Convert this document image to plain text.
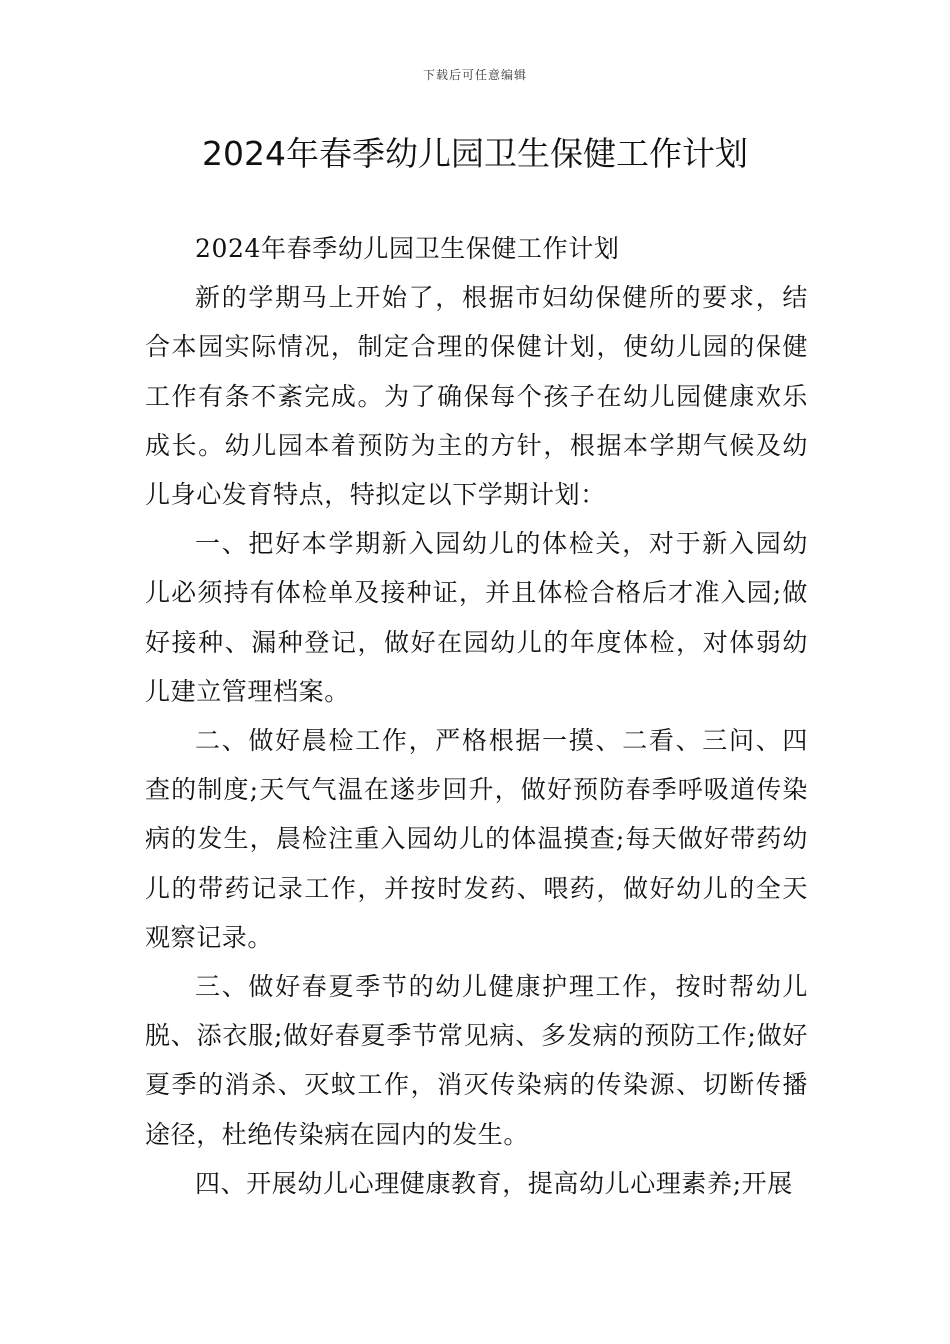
下载后可任意编辑
2024年春季幼儿园卫生保健工作计划

2024年春季幼儿园卫生保健工作计划

新的学期马上开始了，根据市妇幼保健所的要求，结合本园实际情况，制定合理的保健计划，使幼儿园的保健工作有条不紊完成。为了确保每个孩子在幼儿园健康欢乐成长。幼儿园本着预防为主的方针，根据本学期气候及幼儿身心发育特点，特拟定以下学期计划：

一、把好本学期新入园幼儿的体检关，对于新入园幼儿必须持有体检单及接种证，并且体检合格后才准入园;做好接种、漏种登记，做好在园幼儿的年度体检，对体弱幼儿建立管理档案。

二、做好晨检工作，严格根据一摸、二看、三问、四查的制度;天气气温在遂步回升，做好预防春季呼吸道传染病的发生，晨检注重入园幼儿的体温摸查;每天做好带药幼儿的带药记录工作，并按时发药、喂药，做好幼儿的全天观察记录。

三、做好春夏季节的幼儿健康护理工作，按时帮幼儿脱、添衣服;做好春夏季节常见病、多发病的预防工作;做好夏季的消杀、灭蚊工作，消灭传染病的传染源、切断传播途径，杜绝传染病在园内的发生。

四、开展幼儿心理健康教育，提高幼儿心理素养;开展
